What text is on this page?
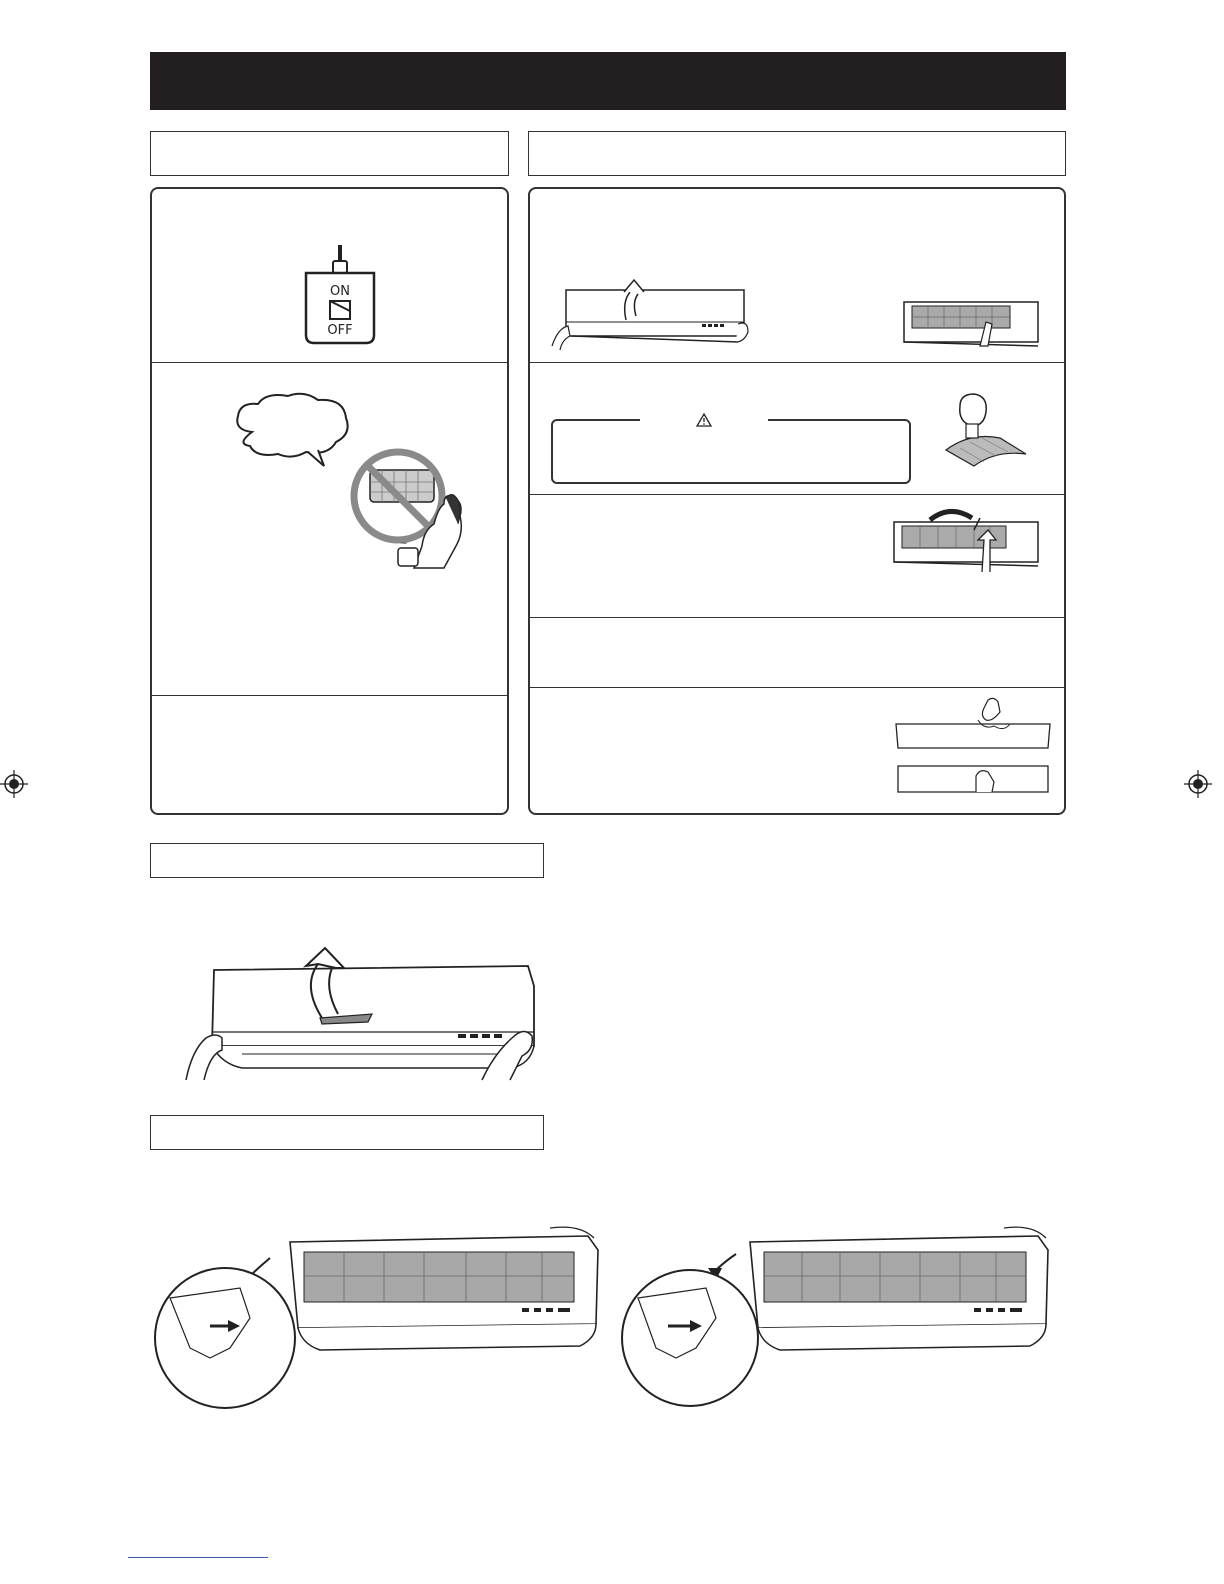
ON
OFF
~
